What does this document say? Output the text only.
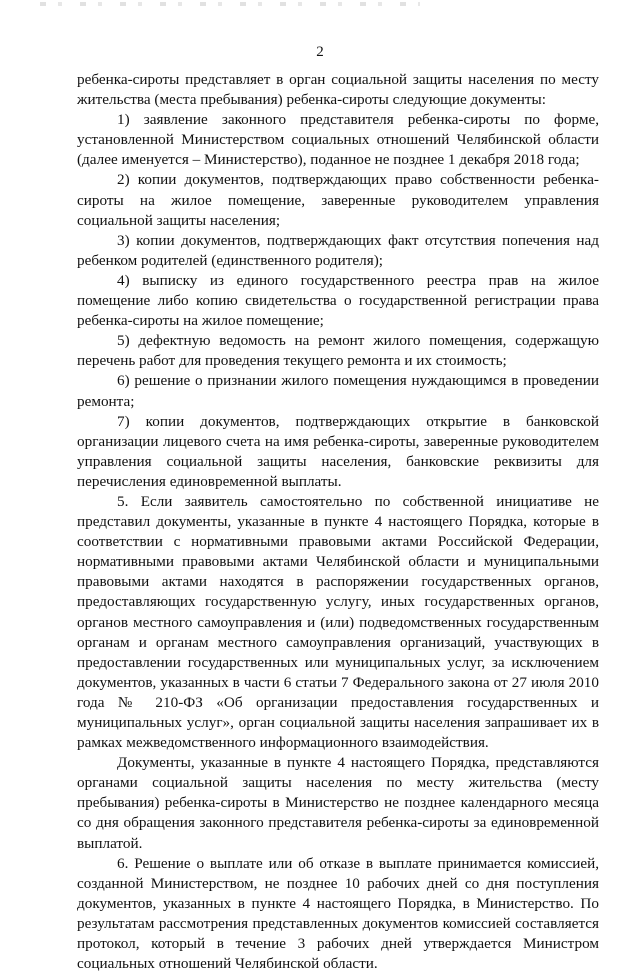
2

ребенка-сироты представляет в орган социальной защиты населения по месту жительства (места пребывания) ребенка-сироты следующие документы:

1) заявление законного представителя ребенка-сироты по форме, установленной Министерством социальных отношений Челябинской области (далее именуется – Министерство), поданное не позднее 1 декабря 2018 года;

2) копии документов, подтверждающих право собственности ребенка-сироты на жилое помещение, заверенные руководителем управления социальной защиты населения;

3) копии документов, подтверждающих факт отсутствия попечения над ребенком родителей (единственного родителя);

4) выписку из единого государственного реестра прав на жилое помещение либо копию свидетельства о государственной регистрации права ребенка-сироты на жилое помещение;

5) дефектную ведомость на ремонт жилого помещения, содержащую перечень работ для проведения текущего ремонта и их стоимость;

6) решение о признании жилого помещения нуждающимся в проведении ремонта;

7) копии документов, подтверждающих открытие в банковской организации лицевого счета на имя ребенка-сироты, заверенные руководителем управления социальной защиты населения, банковские реквизиты для перечисления единовременной выплаты.

5. Если заявитель самостоятельно по собственной инициативе не представил документы, указанные в пункте 4 настоящего Порядка, которые в соответствии с нормативными правовыми актами Российской Федерации, нормативными правовыми актами Челябинской области и муниципальными правовыми актами находятся в распоряжении государственных органов, предоставляющих государственную услугу, иных государственных органов, органов местного самоуправления и (или) подведомственных государственным органам и органам местного самоуправления организаций, участвующих в предоставлении государственных или муниципальных услуг, за исключением документов, указанных в части 6 статьи 7 Федерального закона от 27 июля 2010 года № 210-ФЗ «Об организации предоставления государственных и муниципальных услуг», орган социальной защиты населения запрашивает их в рамках межведомственного информационного взаимодействия.

Документы, указанные в пункте 4 настоящего Порядка, представляются органами социальной защиты населения по месту жительства (месту пребывания) ребенка-сироты в Министерство не позднее календарного месяца со дня обращения законного представителя ребенка-сироты за единовременной выплатой.

6. Решение о выплате или об отказе в выплате принимается комиссией, созданной Министерством, не позднее 10 рабочих дней со дня поступления документов, указанных в пункте 4 настоящего Порядка, в Министерство. По результатам рассмотрения представленных документов комиссией составляется протокол, который в течение 3 рабочих дней утверждается Министром социальных отношений Челябинской области.
